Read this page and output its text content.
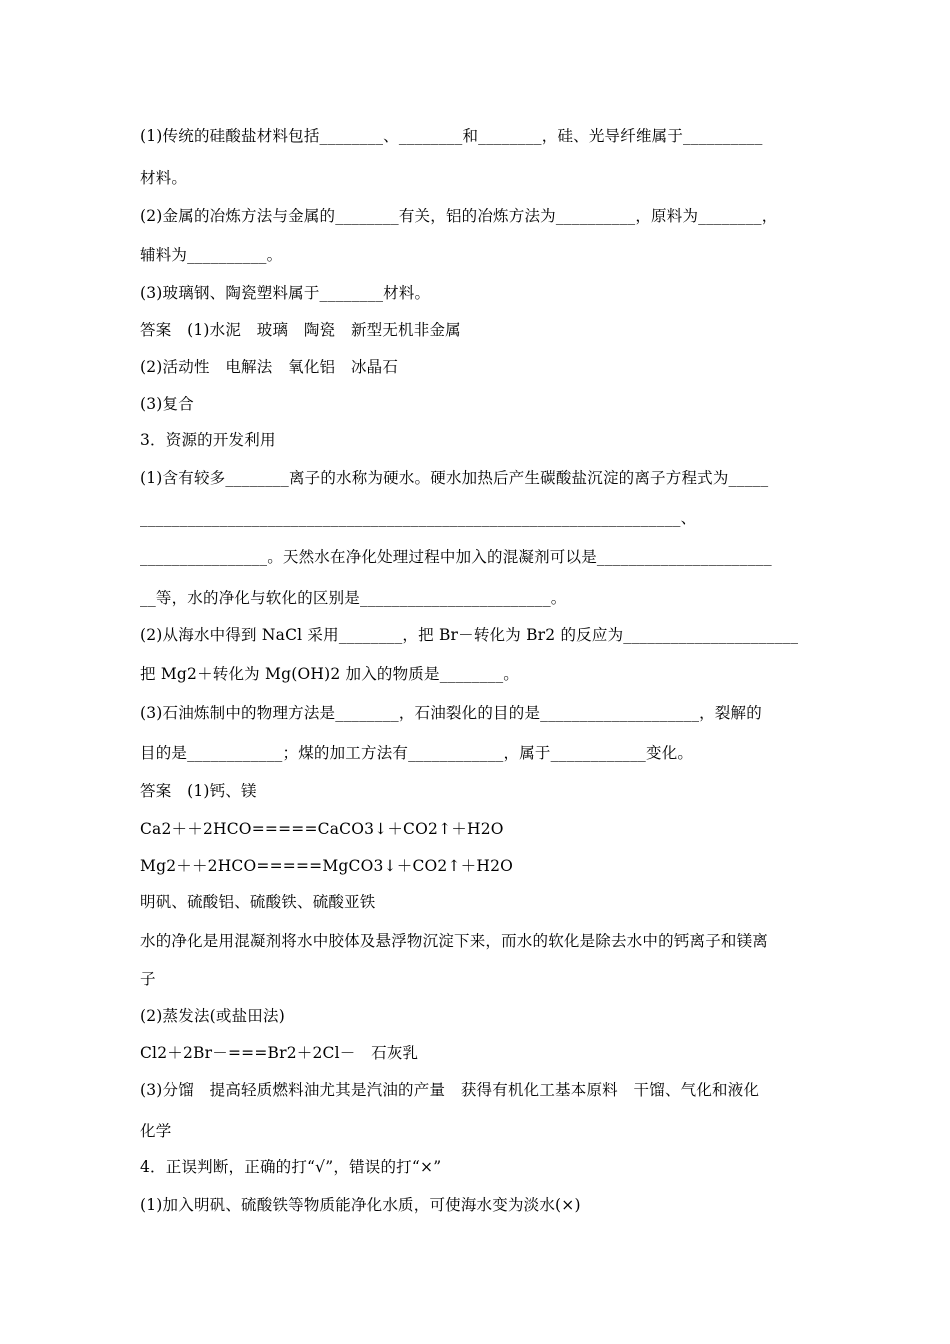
(1)传统的硅酸盐材料包括________、________和________，硅、光导纤维属于__________
材料。
(2)金属的冶炼方法与金属的________有关，铝的冶炼方法为__________，原料为________，
辅料为__________。
(3)玻璃钢、陶瓷塑料属于________材料。
答案　(1)水泥　玻璃　陶瓷　新型无机非金属
(2)活动性　电解法　氧化铝　冰晶石
(3)复合
3．资源的开发利用
(1)含有较多________离子的水称为硬水。硬水加热后产生碳酸盐沉淀的离子方程式为_____
____________________________________________________________________、
________________。天然水在净化处理过程中加入的混凝剂可以是______________________
__等，水的净化与软化的区别是________________________。
(2)从海水中得到 NaCl 采用________，把 Br－转化为 Br2 的反应为______________________
把 Mg2＋转化为 Mg(OH)2 加入的物质是________。
(3)石油炼制中的物理方法是________，石油裂化的目的是____________________，裂解的
目的是____________；煤的加工方法有____________，属于____________变化。
答案　(1)钙、镁
Ca2＋＋2HCO=====CaCO3↓＋CO2↑＋H2O
Mg2＋＋2HCO=====MgCO3↓＋CO2↑＋H2O
明矾、硫酸铝、硫酸铁、硫酸亚铁
水的净化是用混凝剂将水中胶体及悬浮物沉淀下来，而水的软化是除去水中的钙离子和镁离
子
(2)蒸发法(或盐田法)
Cl2＋2Br－===Br2＋2Cl－　石灰乳
(3)分馏　提高轻质燃料油尤其是汽油的产量　获得有机化工基本原料　干馏、气化和液化
化学
4．正误判断，正确的打“√”，错误的打“×”
(1)加入明矾、硫酸铁等物质能净化水质，可使海水变为淡水(×)
